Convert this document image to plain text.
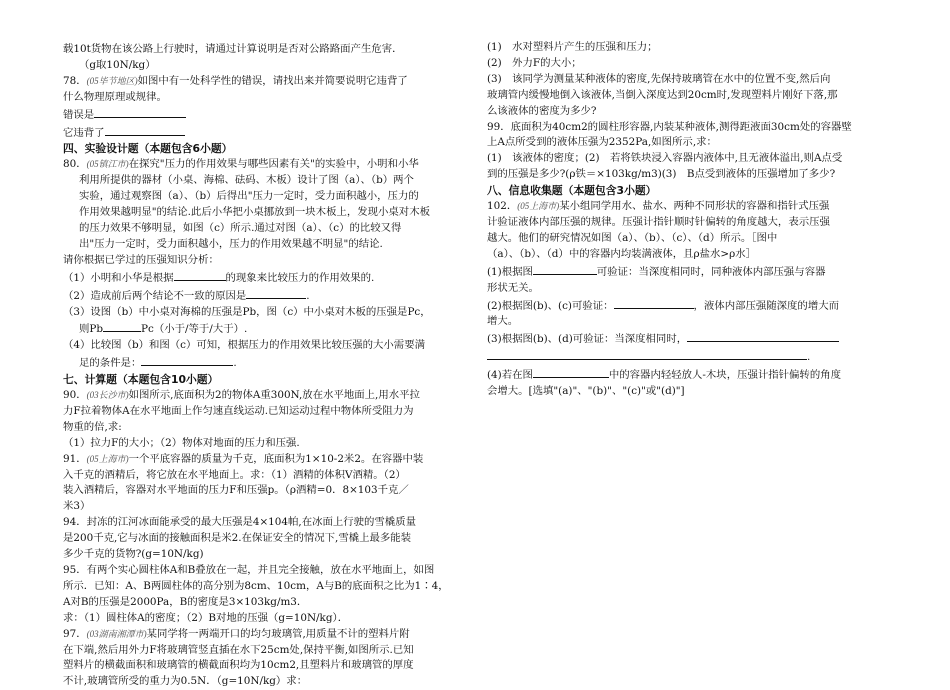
载10t货物在该公路上行驶时，请通过计算说明是否对公路路面产生危害．

（g取10N/kg）

78．(05毕节地区)如图中有一处科学性的错误，请找出来并简要说明它违背了

什么物理原理或规律。

错误是

它违背了

四、实验设计题（本题包含6小题）

80．(05镇江市)在探究"压力的作用效果与哪些因素有关"的实验中，小明和小华

利用所提供的器材（小桌、海棉、砝码、木板）设计了图（a）、（b）两个

实验，通过观察图（a）、（b）后得出"压力一定时，受力面积越小，压力的

作用效果越明显"的结论.此后小华把小桌挪放到一块木板上，发现小桌对木板

的压力效果不够明显，如图（c）所示.通过对图（a）、（c）的比较又得

出"压力一定时，受力面积越小，压力的作用效果越不明显"的结论.

请你根据已学过的压强知识分析：

（1）小明和小华是根据	的现象来比较压力的作用效果的.

（2）造成前后两个结论不一致的原因是	.

（3）设图（b）中小桌对海棉的压强是Pb，图（c）中小桌对木板的压强是Pc，

则Pb	Pc（小于/等于/大于）.

（4）比较图（b）和图（c）可知，根据压力的作用效果比较压强的大小需要满

足的条件是：	.

七、计算题（本题包含10小题）

90．(03长沙市)如图所示,底面积为2的物体A重300N,放在水平地面上,用水平拉

力F拉着物体A在水平地面上作匀速直线运动.已知运动过程中物体所受阻力为

物重的倍,求:

（1）拉力F的大小；（2）物体对地面的压力和压强.

91．(05上海市)一个平底容器的质量为千克，底面积为1×10-2米2。在容器中装

入千克的酒精后，将它放在水平地面上。求：（1）酒精的体积V酒精。（2）

装入酒精后，容器对水平地面的压力F和压强p。（ρ酒精=0．8×103千克／

米3）

94．封冻的江河冰面能承受的最大压强是4×104帕,在冰面上行驶的雪橇质量

是200千克,它与冰面的接触面积是米2.在保证安全的情况下,雪橇上最多能装

多少千克的货物?(g=10N/kg)

95．有两个实心圆柱体A和B叠放在一起，并且完全接触，放在水平地面上，如图

所示．已知：A、B两圆柱体的高分别为8cm、10cm，A与B的底面积之比为1∶4，

A对B的压强是2000Pa，B的密度是3×103kg/m3．

求：（1）圆柱体A的密度；（2）B对地的压强（g=10N/kg）．

97．(03湖南湘潭市)某同学将一两端开口的均匀玻璃管,用质量不计的塑料片附

在下端,然后用外力F将玻璃管竖直插在水下25cm处,保持平衡,如图所示.已知

塑料片的横截面积和玻璃管的横截面积均为10cm2,且塑料片和玻璃管的厚度

不计,玻璃管所受的重力为0.5N．（g=10N/kg）求：

(1)　水对塑料片产生的压强和压力；

(2)　外力F的大小；

(3)　该同学为测量某种液体的密度,先保持玻璃管在水中的位置不变,然后向

玻璃管内缓慢地倒入该液体,当倒入深度达到20cm时,发现塑料片刚好下落,那

么该液体的密度为多少?

99．底面积为40cm2的圆柱形容器,内装某种液体,测得距液面30cm处的容器壁

上A点所受到的液体压强为2352Pa,如图所示,求：

(1)　该液体的密度；(2)　若将铁块浸入容器内液体中,且无液体溢出,则A点受

到的压强是多少?(ρ铁＝×103kg/m3)(3)　B点受到液体的压强增加了多少?

八、信息收集题（本题包含3小题）

102．(05上海市)某小组同学用水、盐水、两种不同形状的容器和指针式压强

计验证液体内部压强的规律。压强计指针顺时针偏转的角度越大，表示压强

越大。他们的研究情况如图（a）、（b）、（c）、（d）所示。［图中

（a）、（b）、（d）中的容器内均装满液体，且ρ盐水>ρ水］

(1)根据图	可验证：当深度相同时，同种液体内部压强与容器

形状无关。

(2)根据图(b)、(c)可验证：	，液体内部压强随深度的增大而

增大。

(3)根据图(b)、(d)可验证：当深度相同时，

.

(4)若在图	中的容器内轻轻放人-木块，压强计指针偏转的角度

会增大。[选填"(a)"、"(b)"、"(c)"或"(d)"]
